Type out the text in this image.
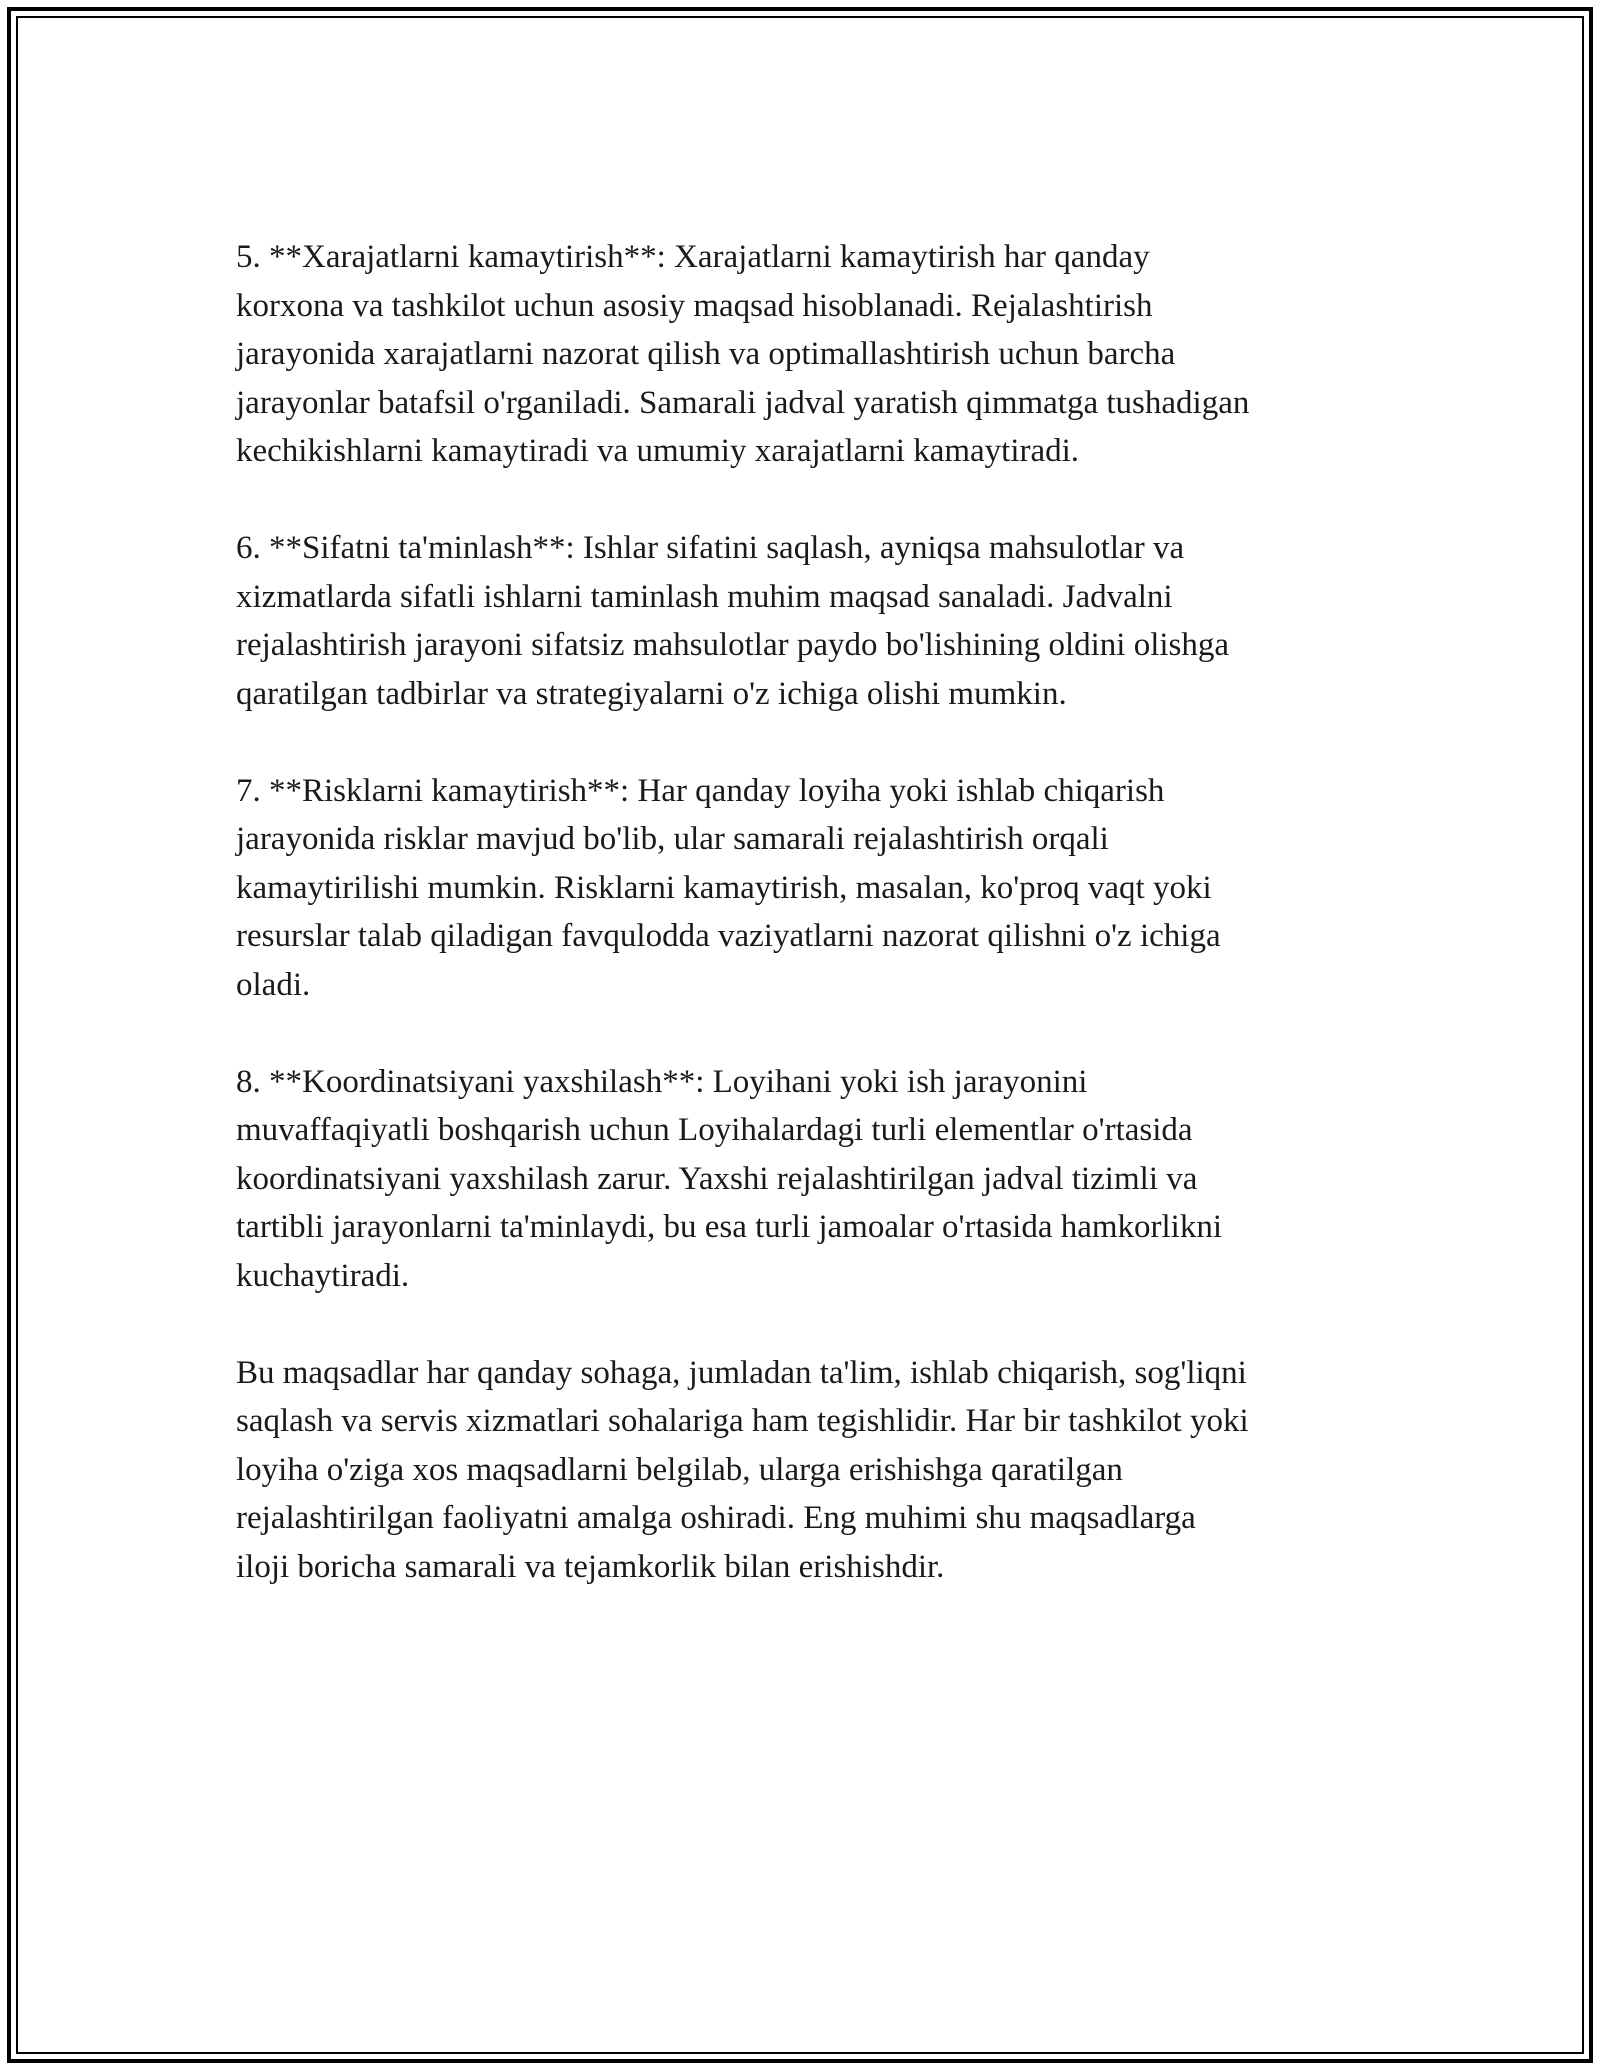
5. **Xarajatlarni kamaytirish**: Xarajatlarni kamaytirish har qanday
korxona va tashkilot uchun asosiy maqsad hisoblanadi. Rejalashtirish
jarayonida xarajatlarni nazorat qilish va optimallashtirish uchun barcha
jarayonlar batafsil o'rganiladi. Samarali jadval yaratish qimmatga tushadigan
kechikishlarni kamaytiradi va umumiy xarajatlarni kamaytiradi.

6. **Sifatni ta'minlash**: Ishlar sifatini saqlash, ayniqsa mahsulotlar va
xizmatlarda sifatli ishlarni taminlash muhim maqsad sanaladi. Jadvalni
rejalashtirish jarayoni sifatsiz mahsulotlar paydo bo'lishining oldini olishga
qaratilgan tadbirlar va strategiyalarni o'z ichiga olishi mumkin.

7. **Risklarni kamaytirish**: Har qanday loyiha yoki ishlab chiqarish
jarayonida risklar mavjud bo'lib, ular samarali rejalashtirish orqali
kamaytirilishi mumkin. Risklarni kamaytirish, masalan, ko'proq vaqt yoki
resurslar talab qiladigan favqulodda vaziyatlarni nazorat qilishni o'z ichiga
oladi.

8. **Koordinatsiyani yaxshilash**: Loyihani yoki ish jarayonini
muvaffaqiyatli boshqarish uchun Loyihalardagi turli elementlar o'rtasida
koordinatsiyani yaxshilash zarur. Yaxshi rejalashtirilgan jadval tizimli va
tartibli jarayonlarni ta'minlaydi, bu esa turli jamoalar o'rtasida hamkorlikni
kuchaytiradi.

Bu maqsadlar har qanday sohaga, jumladan ta'lim, ishlab chiqarish, sog'liqni
saqlash va servis xizmatlari sohalariga ham tegishlidir. Har bir tashkilot yoki
loyiha o'ziga xos maqsadlarni belgilab, ularga erishishga qaratilgan
rejalashtirilgan faoliyatni amalga oshiradi. Eng muhimi shu maqsadlarga
iloji boricha samarali va tejamkorlik bilan erishishdir.
